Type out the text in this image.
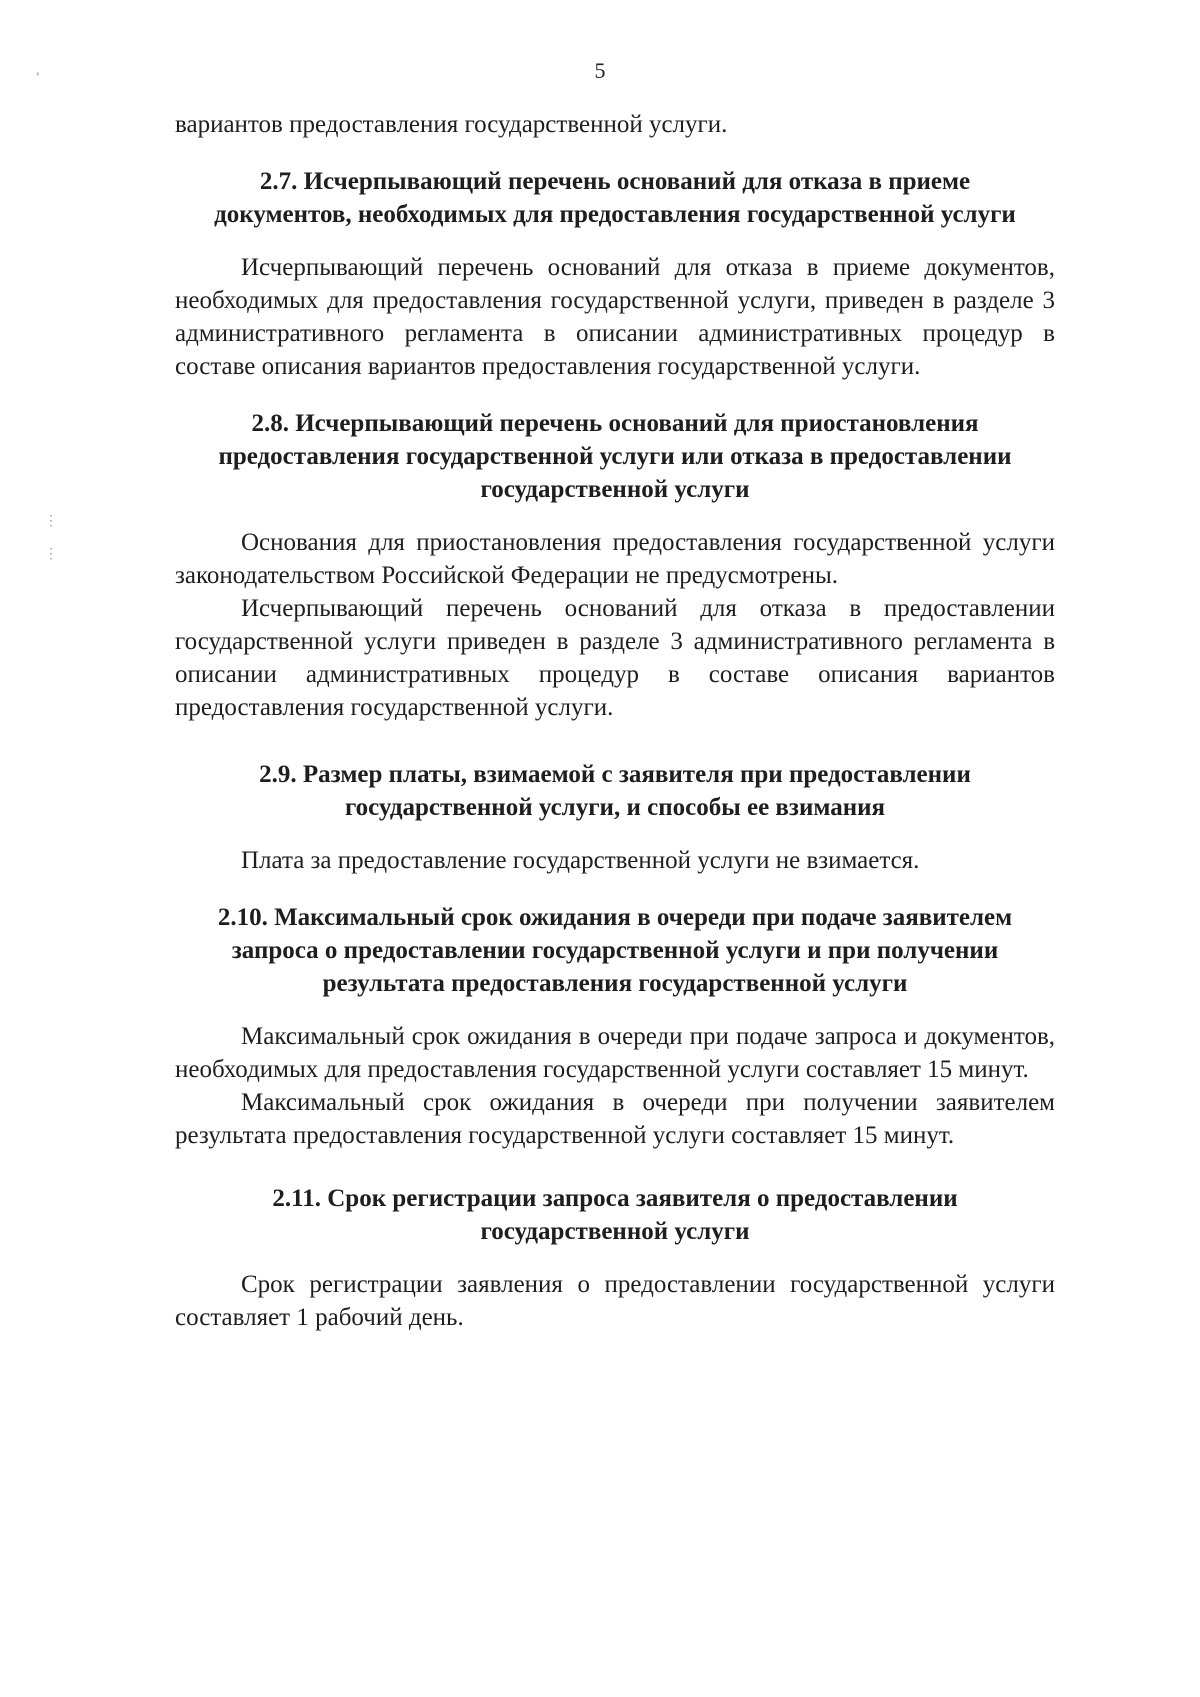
,
⋮
⋮
5

вариантов предоставления государственной услуги.

2.7. Исчерпывающий перечень оснований для отказа в приеме
документов, необходимых для предоставления государственной услуги

Исчерпывающий перечень оснований для отказа в приеме документов, необходимых для предоставления государственной услуги, приведен в разделе 3 административного регламента в описании административных процедур в составе описания вариантов предоставления государственной услуги.

2.8. Исчерпывающий перечень оснований для приостановления
предоставления государственной услуги или отказа в предоставлении
государственной услуги

Основания для приостановления предоставления государственной услуги законодательством Российской Федерации не предусмотрены.

Исчерпывающий перечень оснований для отказа в предоставлении государственной услуги приведен в разделе 3 административного регламента в описании административных процедур в составе описания вариантов предоставления государственной услуги.

2.9. Размер платы, взимаемой с заявителя при предоставлении
государственной услуги, и способы ее взимания

Плата за предоставление государственной услуги не взимается.

2.10. Максимальный срок ожидания в очереди при подаче заявителем
запроса о предоставлении государственной услуги и при получении
результата предоставления государственной услуги

Максимальный срок ожидания в очереди при подаче запроса и документов, необходимых для предоставления государственной услуги составляет 15 минут.

Максимальный срок ожидания в очереди при получении заявителем результата предоставления государственной услуги составляет 15 минут.

2.11. Срок регистрации запроса заявителя о предоставлении
государственной услуги

Срок регистрации заявления о предоставлении государственной услуги составляет 1 рабочий день.
